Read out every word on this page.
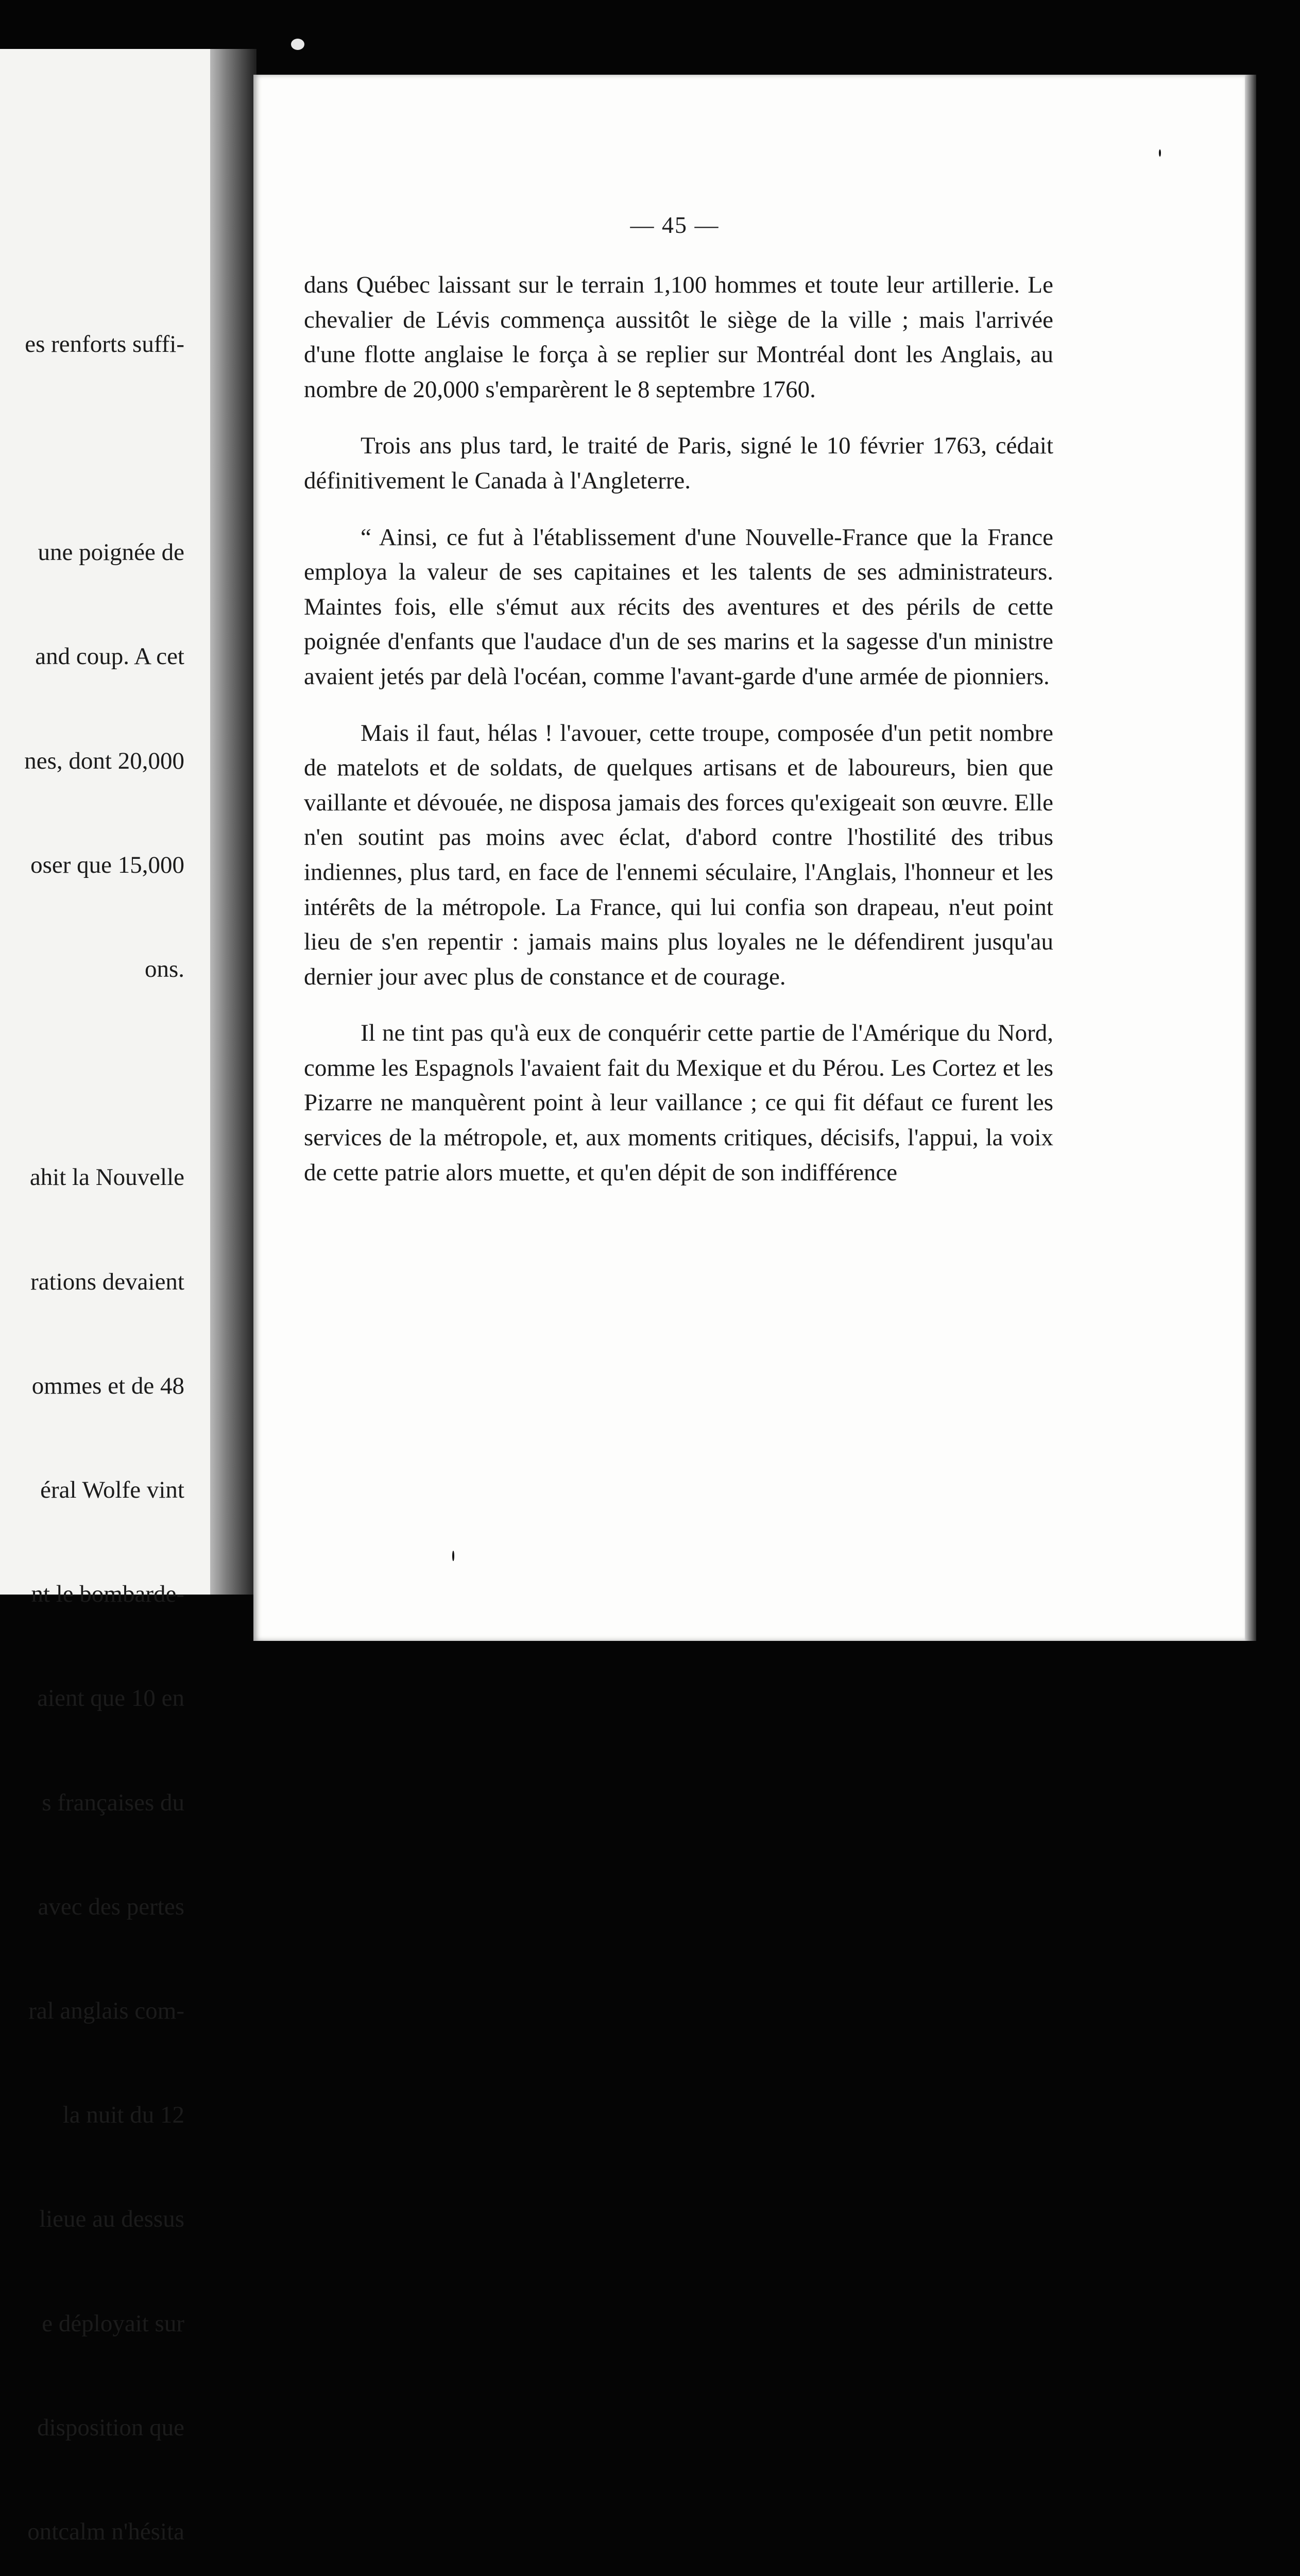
es renforts suffi-

une poignée de

and coup. A cet

nes, dont 20,000

oser que 15,000

ons.

ahit la Nouvelle

rations devaient

ommes et de 48

éral Wolfe vint

nt le bombarde-

aient que 10 en

s françaises du

avec des pertes

ral anglais com-

la nuit du 12

lieue au dessus

e déployait sur

disposition que

ontcalm n'hésita

— 45 —

dans Québec laissant sur le terrain 1,100 hommes et toute leur artillerie. Le chevalier de Lévis commença aussitôt le siège de la ville ; mais l'arrivée d'une flotte anglaise le força à se replier sur Montréal dont les Anglais, au nombre de 20,000 s'emparèrent le 8 septembre 1760.

Trois ans plus tard, le traité de Paris, signé le 10 février 1763, cédait définitivement le Canada à l'Angleterre.

“ Ainsi, ce fut à l'établissement d'une Nouvelle-France que la France employa la valeur de ses capitaines et les talents de ses administrateurs. Maintes fois, elle s'émut aux récits des aventures et des périls de cette poignée d'enfants que l'audace d'un de ses marins et la sagesse d'un ministre avaient jetés par delà l'océan, comme l'avant-garde d'une armée de pionniers.

Mais il faut, hélas ! l'avouer, cette troupe, composée d'un petit nombre de matelots et de soldats, de quelques artisans et de laboureurs, bien que vaillante et dévouée, ne disposa jamais des forces qu'exigeait son œuvre. Elle n'en soutint pas moins avec éclat, d'abord contre l'hostilité des tribus indiennes, plus tard, en face de l'ennemi séculaire, l'Anglais, l'honneur et les intérêts de la métropole. La France, qui lui confia son drapeau, n'eut point lieu de s'en repentir : jamais mains plus loyales ne le défendirent jusqu'au dernier jour avec plus de constance et de courage.

Il ne tint pas qu'à eux de conquérir cette partie de l'Amérique du Nord, comme les Espagnols l'avaient fait du Mexique et du Pérou. Les Cortez et les Pizarre ne manquèrent point à leur vaillance ; ce qui fit défaut ce furent les services de la métropole, et, aux moments critiques, décisifs, l'appui, la voix de cette patrie alors muette, et qu'en dépit de son indifférence
